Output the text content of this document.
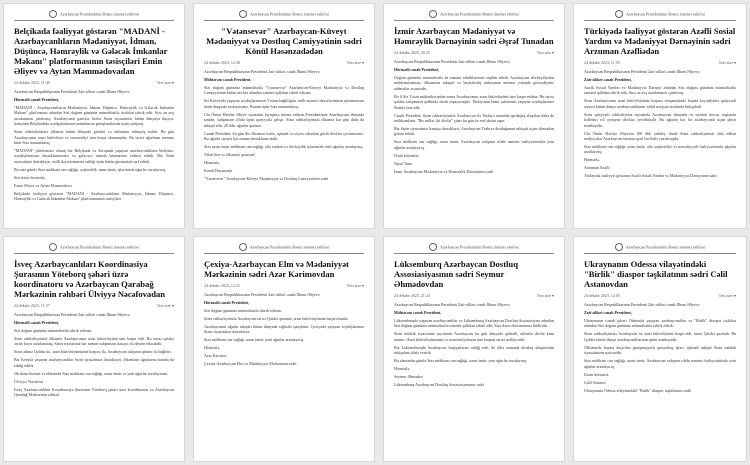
Azərbaycan Prezidentinin Rəsmi internet səhifəsi
Belçikada fəaliyyət göstərən "MADANİ - Azərbaycanlıların Mədəniyyət, İdman, Düşüncə, Həmrəylik və Gələcək İmkanlar Məkanı" platformasının təsisçiləri Emin Əliyev və Aytən Məmmədovadan
24 dekabr 2023, 11:49	Text size ▾

Azərbaycan Respublikasının Prezidenti Zati-aliləri cənab İlham Əliyevə

Hörmətli cənab Prezident,

"MADANİ - Azərbaycanlıların Mədəniyyət, İdman, Düşüncə, Həmrəylik və Gələcək İmkanlar Məkanı" platforması adından Sizi doğum gününüz münasibətilə ürəkdən təbrik edir, Sizə ən xoş arzularımızı çatdırırıq. Azərbaycanlı gənclər, bizlər Sizin siyasətinizi bütün dünyaya daşıyır, həmçinin Belçikadakı soydaşlarımızın imkanlarını genişləndirmək üçün çalışırıq.

Sizin rəhbərliyinizlə ölkəmiz bütün dünyada gücünü və nüfuzunu nümayiş etdirir. Bu gün Azərbaycanın ərazi bütövlüyü və suverenliyi tam bərpa olunmuşdur. Bu tarixi uğurların memarı kimi Sizə minnətdarıq.

"MADANİ" platforması olaraq biz Belçikada və Avropada yaşayan azərbaycanlıların birliyinə, soydaşlarımızın dəstəklənməsinə və gələcəyə inamla baxmasına xidmət edirik. Biz Sizin siyasətinizi dəstəkləyir, milli dəyərlərimizin təbliği üçün bütün gücümüzü sərf edirik.

Bu əziz gündə Sizə möhkəm can sağlığı, xoşbəxtlik, uzun ömür, işlərinizdə uğurlar arzulayırıq.

Sizi dərin hörmətlə,

Emin Əliyev və Aytən Məmmədova

Belçikada fəaliyyət göstərən "MADANİ - Azərbaycanlıların Mədəniyyət, İdman, Düşüncə, Həmrəylik və Gələcək İmkanlar Məkanı" platformasının təsisçiləri

Azərbaycan Prezidentinin Rəsmi internet səhifəsi
"Vətənsevər" Azərbaycan-Küveyt Mədəniyyət və Dostluq Cəmiyyətinin sədri Könül Həsənzadədən
24 dekabr 2023, 12:38	Text size ▾

Azərbaycan Respublikasının Prezidenti Zati-aliləri cənab İlham Əliyevə

Möhtərəm cənab Prezident,

Sizi doğum gününüz münasibətilə "Vətənsevər" Azərbaycan-Küveyt Mədəniyyət və Dostluq Cəmiyyətinin bütün üzvləri adından səmimi qəlbdən təbrik edirəm.

Siz Küveytdə yaşayan soydaşlarımızın Vətənə bağlılığını, milli-mənəvi dəyərlərimizin qorunmasını daim diqqətdə saxlayırsınız. Bunun üçün Sizə minnətdarıq.

Ulu Öndər Heydər Əliyev siyasətini layiqincə davam etdirən Prezidentimiz Azərbaycanı dünyada tanıdır, xalqımızın rifahı üçün qətiyyətlə çalışır. Sizin rəhbərliyinizlə ölkəmiz hər gün daha da inkişaf edir, 20 ildir uğurlar qazanır.

Cənab Prezident, bu gün Siz ölkəmizi hərbi, iqtisadi və siyasi cəhətdən güclü dövlətə çevirmisiniz. Bu uğurlu siyasət hər zaman dəstəklənəcəkdir.

Sizə uzun ömür, möhkəm can sağlığı, ailə səadəti və dövlətçilik işlərinizdə yeni uğurlar arzulayırıq.

Allah Sizi və ölkəmizi qorusun!

Hörmətlə,

Könül Həsənzadə

"Vətənsevər" Azərbaycan-Küveyt Mədəniyyət və Dostluq Cəmiyyətinin sədri

Azərbaycan Prezidentinin Rəsmi internet səhifəsi
İzmir Azərbaycan Mədəniyyət və Həmrəylik Dərnəyinin sədri Əşrəf Tunadan
24 dekabr 2023, 20:25	Text size ▾

Azərbaycan Respublikasının Prezidenti Zati-aliləri cənab İlham Əliyevə

Hörmətli cənab Prezident,

Doğum gününüz münasibətilə ən səmimi təbriklərimizi təqdim edirik. Azərbaycan dövlətçiliyinin möhkəmlənməsi, ölkəmizin inkişafı və beynəlxalq nüfuzunun artması yolunda göstərdiyiniz xidmətlər əvəzsizdir.

Bu il Siz Vətən müharibəsindən sonra Azərbaycanın ərazi bütövlüyünü tam bərpa etdiniz. Bu tarixi qələbə xalqımızın qəlbində əbədi yaşayacaqdır. Türkiyənin İzmir şəhərində yaşayan soydaşlarımız Sizinlə fəxr edir.

Cənab Prezident, Sizin rəhbərliyinizlə Azərbaycan ilə Türkiyə arasında qardaşlıq əlaqələri daha da möhkəmlənir. "Bir millət, iki dövlət" şüarı bu gün öz real əksini tapır.

Biz Sizin siyasətinizi həmişə dəstəkləyir, Azərbaycan-Türkiyə dostluğunun inkişafı üçün əlimizdən gələni edirik.

Sizə möhkəm can sağlığı, uzun ömür, Azərbaycan xalqının rifahı naminə fəaliyyətinizdə yeni uğurlar arzulayırıq.

Dərin hörmətlə,

Əşrəf Tuna

İzmir Azərbaycan Mədəniyyət və Həmrəylik Dərnəyinin sədri

Azərbaycan Prezidentinin Rəsmi internet səhifəsi
Türkiyədə fəaliyyət göstərən Azəfli Sosial Yardım və Mədəniyyət Dərnəyinin sədri Arzuman Azəfliədən
24 dekabr 2023, 11:59	Text size ▾

Azərbaycan Respublikasının Prezidenti Zati-aliləri cənab İlham Əliyevə

Zati-aliləri cənab Prezident,

Azəfli Sosial Yardım və Mədəniyyət Dərnəyi adından Sizi doğum gününüz münasibətilə səmimi qəlbdən təbrik edir, Sizə ən xoş arzularımızı çatdırırıq.

Sizin Azərbaycanın ərazi bütövlüyünün bərpası istiqamətində həyata keçirdiyiniz qətiyyətli siyasət bütün dünya azərbaycanlılarını vahid məqsəd ətrafında birləşdirdi.

Sizin qətiyyətli rəhbərliyiniz sayəsində Azərbaycan dünyada öz sözünü deyən, regionda həlledici rol oynayan dövlətə çevrilmişdir. Bu uğurlar hər bir azərbaycanlı üçün qürur mənbəyidir.

Ulu Öndər Heydər Əliyevin 100 illik yubiley ilində Sizin rəhbərliyinizlə əldə edilən nailiyyətlər Azərbaycan tarixinə qızıl hərflərlə yazılacaqdır.

Sizə möhkəm can sağlığı, uzun ömür, ailə xoşbəxtliyi və məsuliyyətli fəaliyyətinizdə uğurlar arzulayırıq.

Hörmətlə,

Arzuman Azəfli

Türkiyədə fəaliyyət göstərən Azəfli Sosial Yardım və Mədəniyyət Dərnəyinin sədri

Azərbaycan Prezidentinin Rəsmi internet səhifəsi
İsveç Azərbaycanlıları Koordinasiya Şurasının Yöteborq şəhəri üzrə koordinatoru və Azərbaycan Qarabağ Mərkəzinin rəhbəri Ülviyyə Nəcəfovadan
24 dekabr 2023, 11:57	Text size ▾

Azərbaycan Respublikasının Prezidenti Zati-aliləri cənab İlham Əliyevə

Hörmətli cənab Prezident,

Sizi doğum gününüz münasibətilə təbrik edirəm.

Sizin rəhbərliyinizlə ölkəmiz Azərbaycanın ərazi bütövlüyünü tam bərpa etdi. Bu tarixi qələbə əsrlər boyu xatırlanacaq, Sizin siyasətiniz hər zaman xalqımızın dəstəyi ilə davam edəcəkdir.

Sizin adınız Qələbə ilə, ərazi bütövlüyümüzün bərpası ilə, Azərbaycan xalqının qüruru ilə bağlıdır.

Biz İsveçdə yaşayan azərbaycanlılar Sizin siyasətinizi dəstəkləyir, ölkəmizin uğurlarını burada da təbliğ edirik.

Ən dərin hörmət və ehtiramla Sizə möhkəm can sağlığı, uzun ömür və yeni uğurlar arzulayıram.

Ülviyyə Nəcəfova

İsveç Azərbaycanlıları Koordinasiya Şurasının Yöteborq şəhəri üzrə koordinatoru və Azərbaycan Qarabağ Mərkəzinin rəhbəri

Azərbaycan Prezidentinin Rəsmi internet səhifəsi
Çexiya-Azərbaycan Elm və Mədəniyyət Mərkəzinin sədri Azər Kərimovdan
24 dekabr 2023, 12:31	Text size ▾

Azərbaycan Respublikasının Prezidenti Zati-aliləri cənab İlham Əliyevə

Hörmətli cənab Prezident,

Sizi doğum gününüz münasibətilə təbrik edirəm.

Sizin rəhbərliyinizlə Azərbaycan tarixi Qələbə qazandı, ərazi bütövlüyümüz bərpa olundu.

Azərbaycanın uğurlu inkişafı bütün dünyada rəğbətlə qarşılanır. Çexiyada yaşayan soydaşlarımız Sizin siyasətinizi dəstəkləyir.

Sizə möhkəm can sağlığı, uzun ömür, yeni uğurlar arzulayırıq.

Hörmətlə,

Azər Kərimov

Çexiya-Azərbaycan Elm və Mədəniyyət Mərkəzinin sədri

Azərbaycan Prezidentinin Rəsmi internet səhifəsi
Lüksemburq Azərbaycan Dostluq Assosiasiyasının sədri Seymur Əhmədovdan
24 dekabr 2023, 21:24	Text size ▾

Azərbaycan Respublikasının Prezidenti Zati-aliləri cənab İlham Əliyevə

Möhtərəm cənab Prezident,

Lüksemburqda yaşayan azərbaycanlılar və Lüksemburq Azərbaycan Dostluq Assosiasiyası adından Sizi doğum gününüz münasibətilə səmimi qəlbdən təbrik edir, Sizə dərin ehtiramımızı bildiririk.

Sizin müdrik siyasətiniz sayəsində Azərbaycan bu gün dünyada qüdrətli, nüfuzlu dövlət kimi tanınır. Ərazi bütövlüyümüzün və suverenliyimizin tam bərpası tarixi nailiyyətdir.

Biz Lüksemburqda Azərbaycan həqiqətlərini təbliğ edir, iki ölkə arasında dostluq əlaqələrinin inkişafına töhfə veririk.

Bu əlamətdar gündə Sizə möhkəm can sağlığı, uzun ömür, yeni uğurlar arzulayırıq.

Hörmətlə,

Seymur Əhmədov

Lüksemburq Azərbaycan Dostluq Assosiasiyasının sədri

Azərbaycan Prezidentinin Rəsmi internet səhifəsi
Ukraynanın Odessa vilayətindəki "Birlik" diaspor təşkilatının sədri Cəlil Astanovdan
24 dekabr 2023, 12:05	Text size ▾

Azərbaycan Respublikasının Prezidenti Zati-aliləri cənab İlham Əliyevə

Zati-aliləri cənab Prezident,

Ukraynanın cənub şəhəri Odessada yaşayan azərbaycanlılar və "Birlik" diaspor təşkilatı adından Sizi doğum gününüz münasibətilə təbrik edirik.

Sizin rəhbərliyinizlə Azərbaycan öz ərazi bütövlüyünü bərpa etdi, tarixi Qələbə qazandı. Bu Qələbə bütün dünya azərbaycanlılarının qürur mənbəyidir.

Ölkəmizdə həyata keçirilən genişmiqyaslı quruculuq işləri, iqtisadi inkişaf Sizin müdrik siyasətinizin nəticəsidir.

Sizə möhkəm can sağlığı, uzun ömür, Azərbaycan xalqının rifahı naminə fəaliyyətinizdə yeni uğurlar arzulayırıq.

Dərin hörmətlə,

Cəlil Astanov

Ukraynanın Odessa vilayətindəki "Birlik" diaspor təşkilatının sədri
